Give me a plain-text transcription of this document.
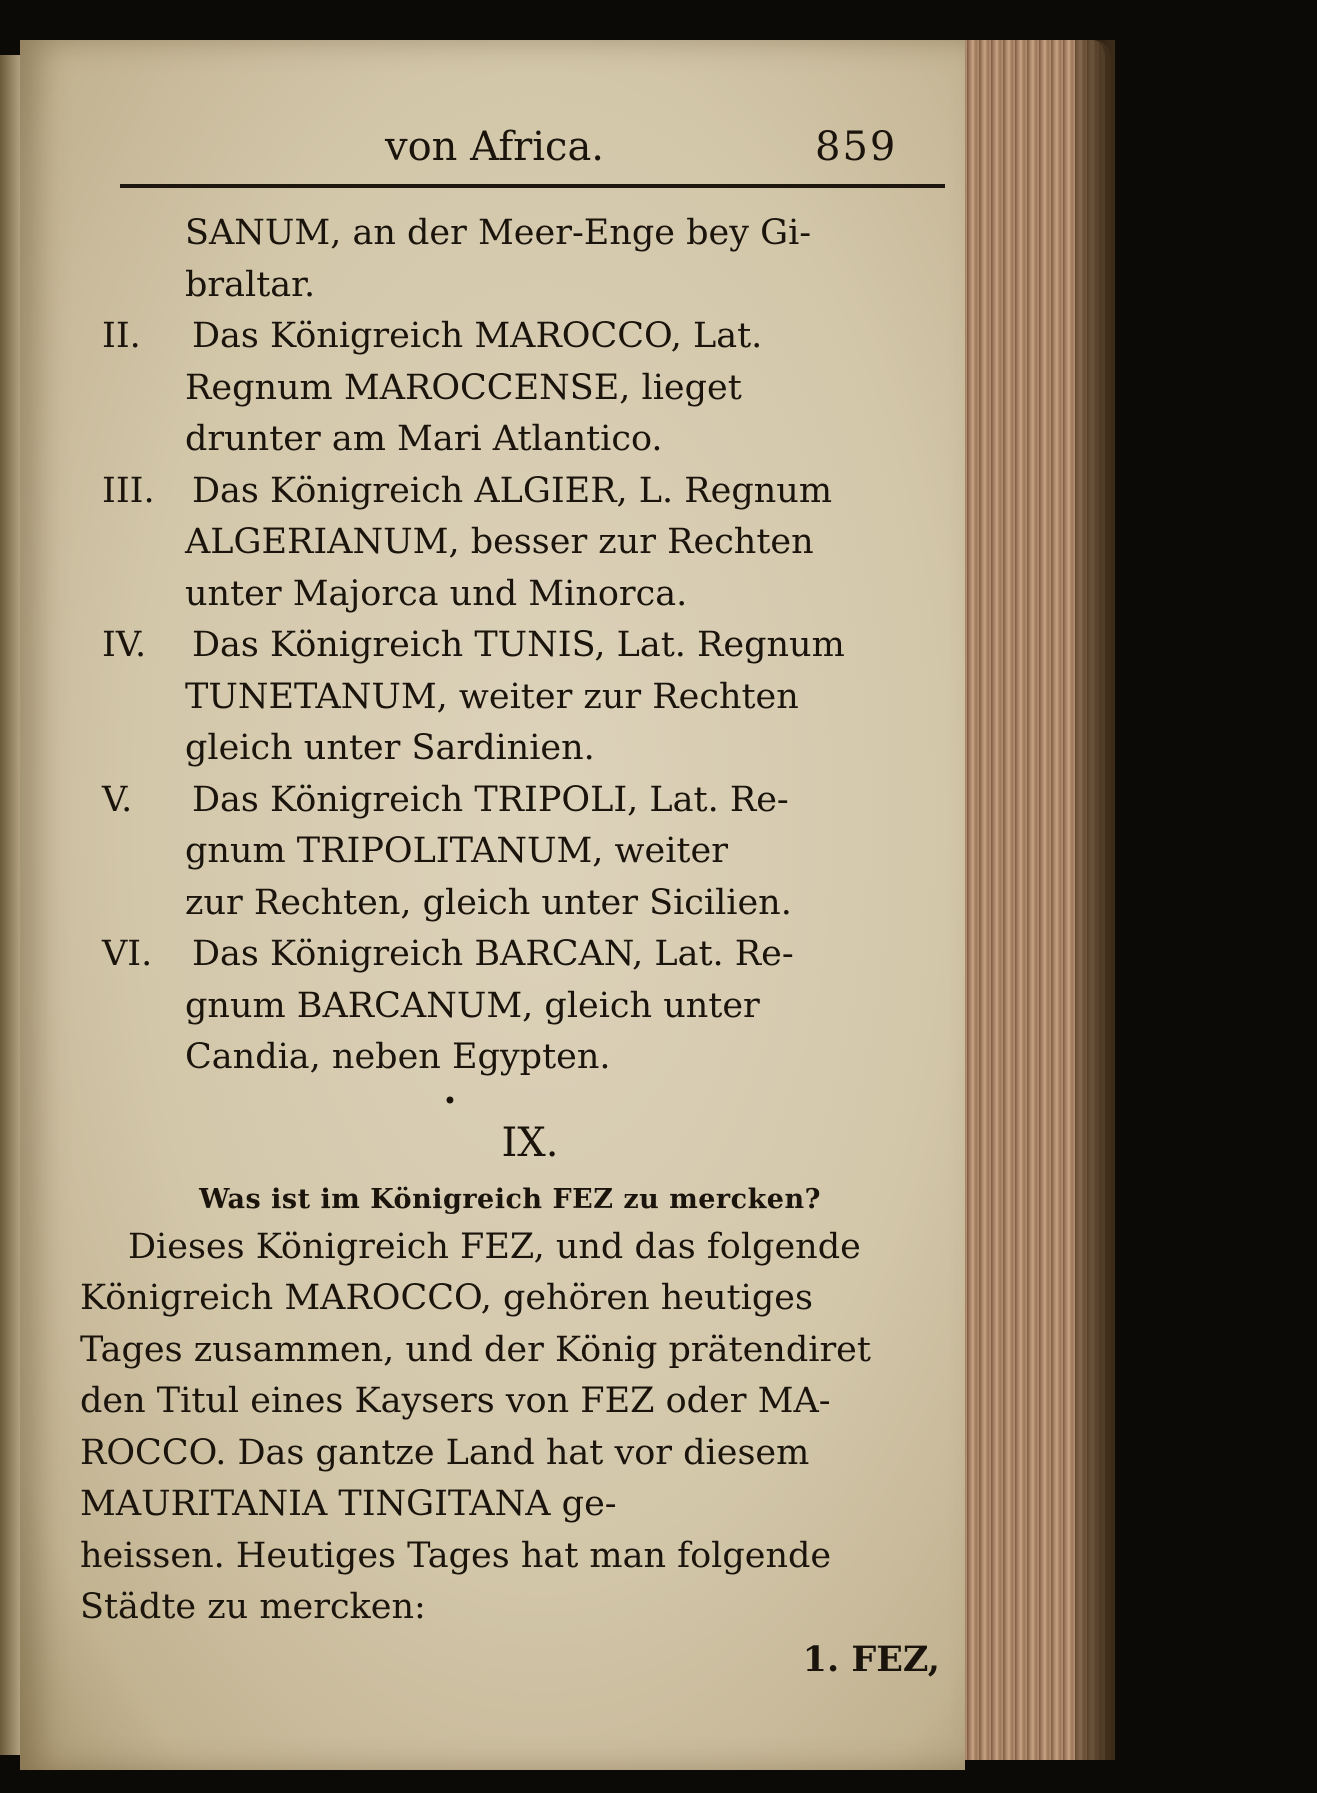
von Africa.	859
SANUM, an der Meer-Enge bey Gi-
braltar.
II. Das Königreich MAROCCO, Lat.
Regnum MAROCCENSE, lieget
drunter am Mari Atlantico.
III. Das Königreich ALGIER, L. Regnum
ALGERIANUM, besser zur Rechten
unter Majorca und Minorca.
IV. Das Königreich TUNIS, Lat. Regnum
TUNETANUM, weiter zur Rechten
gleich unter Sardinien.
V. Das Königreich TRIPOLI, Lat. Re-
gnum TRIPOLITANUM, weiter
zur Rechten, gleich unter Sicilien.
VI. Das Königreich BARCAN, Lat. Re-
gnum BARCANUM, gleich unter
Candia, neben Egypten.
•
IX.
Was ist im Königreich FEZ zu mercken?
Dieses Königreich FEZ, und das folgende
Königreich MAROCCO, gehören heutiges
Tages zusammen, und der König prätendiret
den Titul eines Kaysers von FEZ oder MA-
ROCCO. Das gantze Land hat vor diesem
MAURITANIA TINGITANA ge-
heissen. Heutiges Tages hat man folgende
Städte zu mercken:
1. FEZ,
